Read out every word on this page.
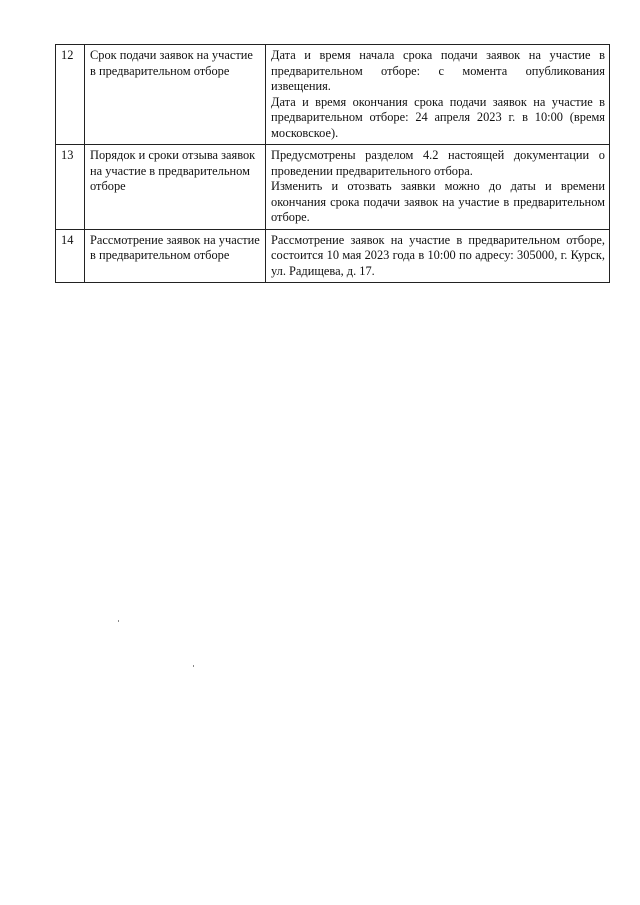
12	Срок подачи заявок на участие в предварительном отборе	Дата и время начала срока подачи заявок на участие в предварительном отборе: с момента опубликования извещения.

Дата и время окончания срока подачи заявок на участие в предварительном отборе: 24 апреля 2023 г. в 10:00 (время московское).

13	Порядок и сроки отзыва заявок на участие в предварительном отборе	Предусмотрены разделом 4.2 настоящей документации о проведении предварительного отбора.

Изменить и отозвать заявки можно до даты и времени окончания срока подачи заявок на участие в предварительном отборе.

14	Рассмотрение заявок на участие в предварительном отборе	Рассмотрение заявок на участие в предварительном отборе, состоится 10 мая 2023 года в 10:00 по адресу: 305000, г. Курск, ул. Радищева, д. 17.
